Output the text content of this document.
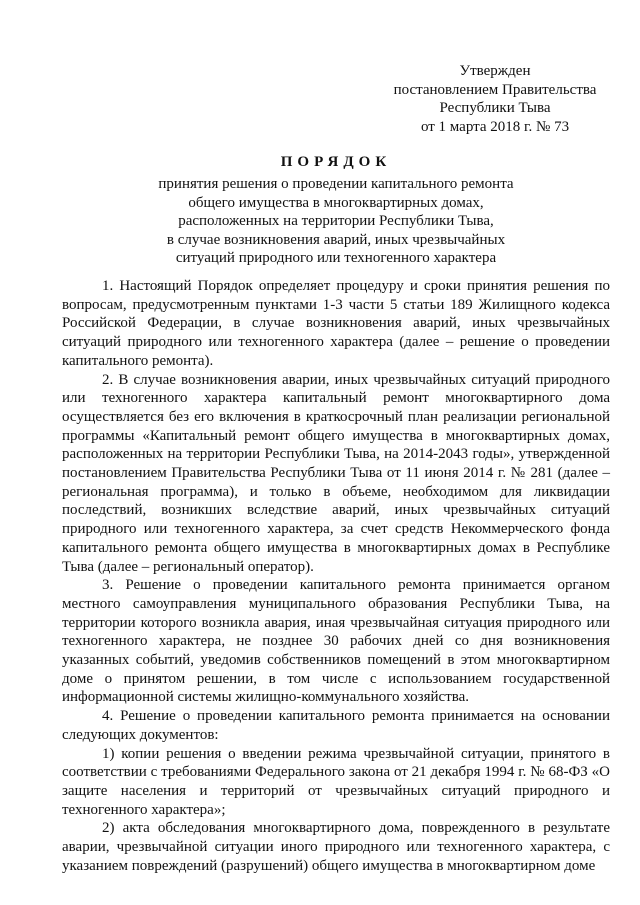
Утвержден
постановлением Правительства
Республики Тыва
от 1 марта 2018 г. № 73
ПОРЯДОК
принятия решения о проведении капитального ремонта
общего имущества в многоквартирных домах,
расположенных на территории Республики Тыва,
в случае возникновения аварий, иных чрезвычайных
ситуаций природного или техногенного характера

1. Настоящий Порядок определяет процедуру и сроки принятия решения по вопросам, предусмотренным пунктами 1-3 части 5 статьи 189 Жилищного кодекса Российской Федерации, в случае возникновения аварий, иных чрезвычайных ситуаций природного или техногенного характера (далее – решение о проведении капитального ремонта).

2. В случае возникновения аварии, иных чрезвычайных ситуаций природного или техногенного характера капитальный ремонт многоквартирного дома осуществляется без его включения в краткосрочный план реализации региональной программы «Капитальный ремонт общего имущества в многоквартирных домах, расположенных на территории Республики Тыва, на 2014-2043 годы», утвержденной постановлением Правительства Республики Тыва от 11 июня 2014 г. № 281 (далее –региональная программа), и только в объеме, необходимом для ликвидации последствий, возникших вследствие аварий, иных чрезвычайных ситуаций природного или техногенного характера, за счет средств Некоммерческого фонда капитального ремонта общего имущества в многоквартирных домах в Республике Тыва (далее – региональный оператор).

3. Решение о проведении капитального ремонта принимается органом местного самоуправления муниципального образования Республики Тыва, на территории которого возникла авария, иная чрезвычайная ситуация природного или техногенного характера, не позднее 30 рабочих дней со дня возникновения указанных событий, уведомив собственников помещений в этом многоквартирном доме о принятом решении, в том числе с использованием государственной информационной системы жилищно-коммунального хозяйства.

4. Решение о проведении капитального ремонта принимается на основании следующих документов:

1) копии решения о введении режима чрезвычайной ситуации, принятого в соответствии с требованиями Федерального закона от 21 декабря 1994 г. № 68-ФЗ «О защите населения и территорий от чрезвычайных ситуаций природного и техногенного характера»;

2) акта обследования многоквартирного дома, поврежденного в результате аварии, чрезвычайной ситуации иного природного или техногенного характера, с указанием повреждений (разрушений) общего имущества в многоквартирном доме
